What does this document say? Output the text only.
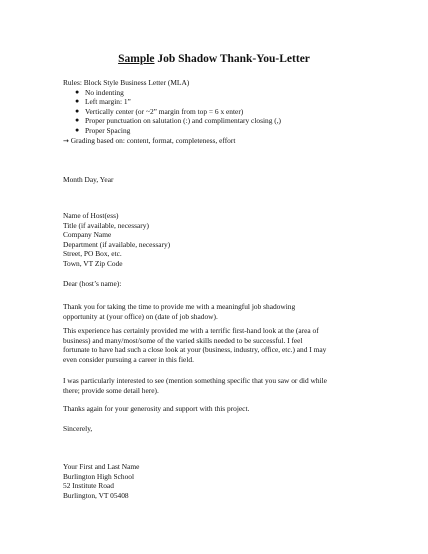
Sample Job Shadow Thank-You-Letter
Rules: Block Style Business Letter (MLA)
● No indenting
● Left margin: 1”
● Vertically center (or ~2” margin from top = 6 x enter)
● Proper punctuation on salutation (:) and complimentary closing (,)
● Proper Spacing
→ Grading based on: content, format, completeness, effort
Month Day, Year
Name of Host(ess)
Title (if available, necessary)
Company Name
Department (if available, necessary)
Street, PO Box, etc.
Town, VT Zip Code
Dear (host’s name):
Thank you for taking the time to provide me with a meaningful job shadowing
opportunity at (your office) on (date of job shadow).
This experience has certainly provided me with a terrific first-hand look at the (area of
business) and many/most/some of the varied skills needed to be successful. I feel
fortunate to have had such a close look at your (business, industry, office, etc.) and I may
even consider pursuing a career in this field.
I was particularly interested to see (mention something specific that you saw or did while
there; provide some detail here).
Thanks again for your generosity and support with this project.
Sincerely,
Your First and Last Name
Burlington High School
52 Institute Road
Burlington, VT 05408
